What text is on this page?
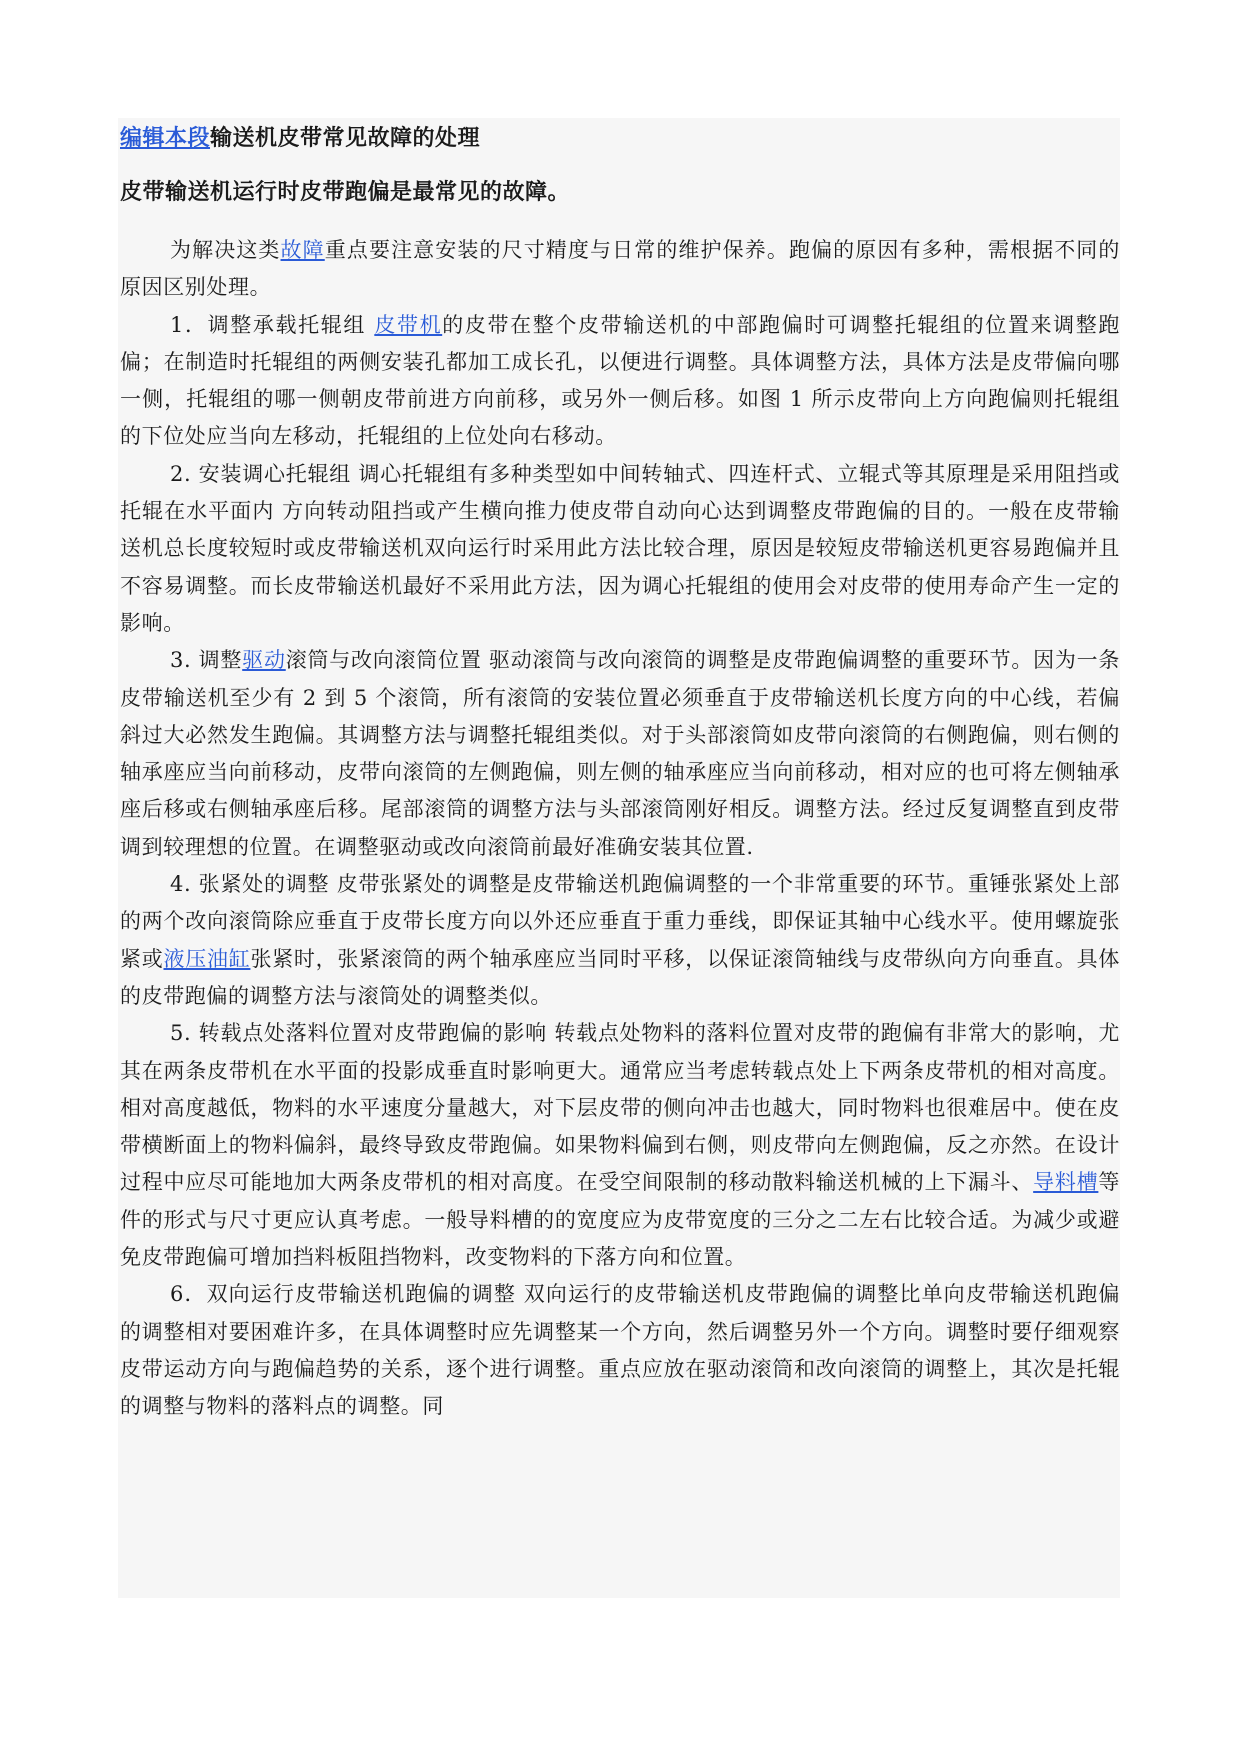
编辑本段输送机皮带常见故障的处理
皮带输送机运行时皮带跑偏是最常见的故障。

为解决这类故障重点要注意安装的尺寸精度与日常的维护保养。跑偏的原因有多种，需根据不同的原因区别处理。

1．调整承载托辊组 皮带机的皮带在整个皮带输送机的中部跑偏时可调整托辊组的位置来调整跑偏；在制造时托辊组的两侧安装孔都加工成长孔，以便进行调整。具体调整方法，具体方法是皮带偏向哪一侧，托辊组的哪一侧朝皮带前进方向前移，或另外一侧后移。如图 1 所示皮带向上方向跑偏则托辊组的下位处应当向左移动，托辊组的上位处向右移动。

2. 安装调心托辊组 调心托辊组有多种类型如中间转轴式、四连杆式、立辊式等其原理是采用阻挡或托辊在水平面内 方向转动阻挡或产生横向推力使皮带自动向心达到调整皮带跑偏的目的。一般在皮带输送机总长度较短时或皮带输送机双向运行时采用此方法比较合理，原因是较短皮带输送机更容易跑偏并且不容易调整。而长皮带输送机最好不采用此方法，因为调心托辊组的使用会对皮带的使用寿命产生一定的影响。

3. 调整驱动滚筒与改向滚筒位置 驱动滚筒与改向滚筒的调整是皮带跑偏调整的重要环节。因为一条皮带输送机至少有 2 到 5 个滚筒，所有滚筒的安装位置必须垂直于皮带输送机长度方向的中心线，若偏斜过大必然发生跑偏。其调整方法与调整托辊组类似。对于头部滚筒如皮带向滚筒的右侧跑偏，则右侧的轴承座应当向前移动，皮带向滚筒的左侧跑偏，则左侧的轴承座应当向前移动，相对应的也可将左侧轴承座后移或右侧轴承座后移。尾部滚筒的调整方法与头部滚筒刚好相反。调整方法。经过反复调整直到皮带调到较理想的位置。在调整驱动或改向滚筒前最好准确安装其位置.

4. 张紧处的调整 皮带张紧处的调整是皮带输送机跑偏调整的一个非常重要的环节。重锤张紧处上部的两个改向滚筒除应垂直于皮带长度方向以外还应垂直于重力垂线，即保证其轴中心线水平。使用螺旋张紧或液压油缸张紧时，张紧滚筒的两个轴承座应当同时平移，以保证滚筒轴线与皮带纵向方向垂直。具体的皮带跑偏的调整方法与滚筒处的调整类似。

5. 转载点处落料位置对皮带跑偏的影响 转载点处物料的落料位置对皮带的跑偏有非常大的影响，尤其在两条皮带机在水平面的投影成垂直时影响更大。通常应当考虑转载点处上下两条皮带机的相对高度。相对高度越低，物料的水平速度分量越大，对下层皮带的侧向冲击也越大，同时物料也很难居中。使在皮带横断面上的物料偏斜，最终导致皮带跑偏。如果物料偏到右侧，则皮带向左侧跑偏，反之亦然。在设计过程中应尽可能地加大两条皮带机的相对高度。在受空间限制的移动散料输送机械的上下漏斗、导料槽等件的形式与尺寸更应认真考虑。一般导料槽的的宽度应为皮带宽度的三分之二左右比较合适。为减少或避免皮带跑偏可增加挡料板阻挡物料，改变物料的下落方向和位置。

6．双向运行皮带输送机跑偏的调整 双向运行的皮带输送机皮带跑偏的调整比单向皮带输送机跑偏的调整相对要困难许多，在具体调整时应先调整某一个方向，然后调整另外一个方向。调整时要仔细观察皮带运动方向与跑偏趋势的关系，逐个进行调整。重点应放在驱动滚筒和改向滚筒的调整上，其次是托辊的调整与物料的落料点的调整。同
